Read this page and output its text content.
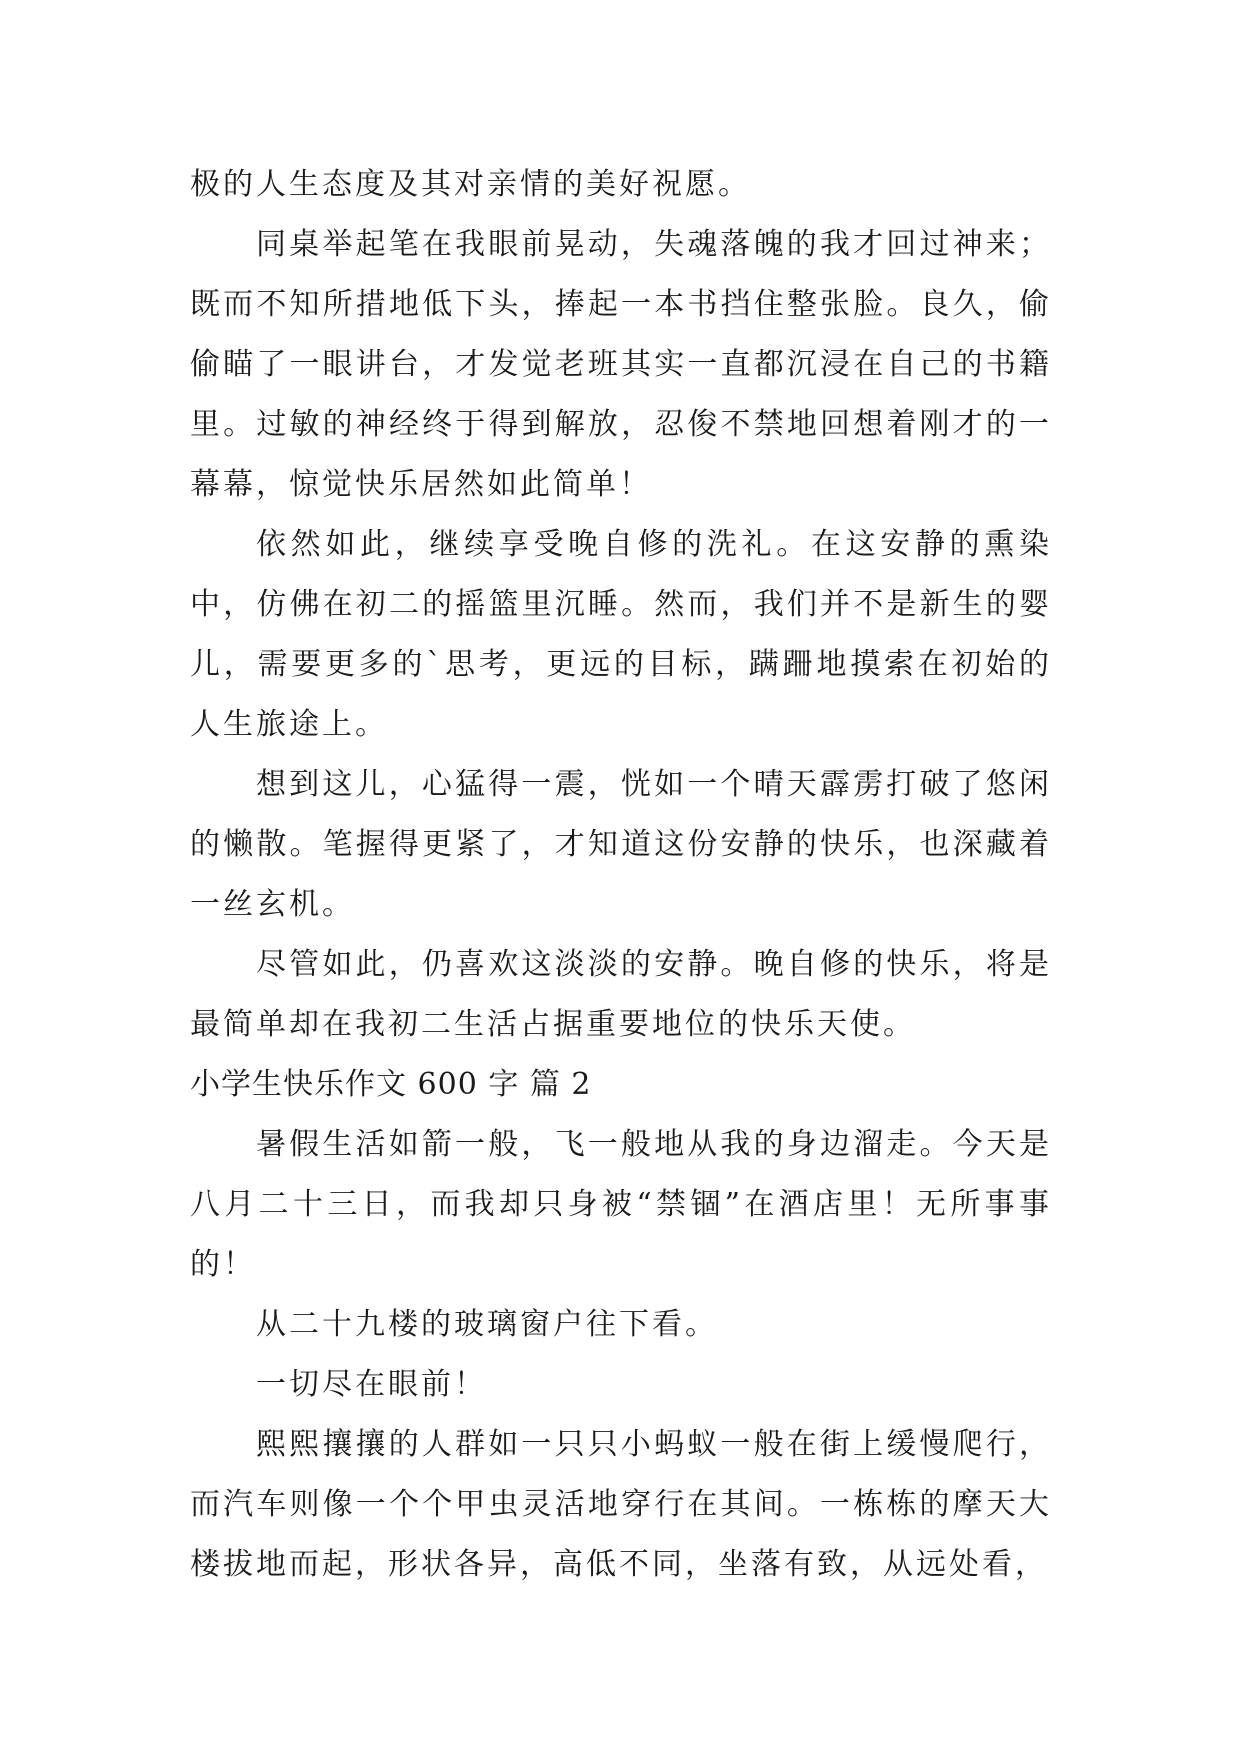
极的人生态度及其对亲情的美好祝愿。

同桌举起笔在我眼前晃动，失魂落魄的我才回过神来；既而不知所措地低下头，捧起一本书挡住整张脸。良久，偷偷瞄了一眼讲台，才发觉老班其实一直都沉浸在自己的书籍里。过敏的神经终于得到解放，忍俊不禁地回想着刚才的一幕幕，惊觉快乐居然如此简单！

依然如此，继续享受晚自修的洗礼。在这安静的熏染中，仿佛在初二的摇篮里沉睡。然而，我们并不是新生的婴儿，需要更多的`思考，更远的目标，蹒跚地摸索在初始的人生旅途上。

想到这儿，心猛得一震，恍如一个晴天霹雳打破了悠闲的懒散。笔握得更紧了，才知道这份安静的快乐，也深藏着一丝玄机。

尽管如此，仍喜欢这淡淡的安静。晚自修的快乐，将是最简单却在我初二生活占据重要地位的快乐天使。

小学生快乐作文 600 字 篇 2

暑假生活如箭一般，飞一般地从我的身边溜走。今天是八月二十三日，而我却只身被“禁锢”在酒店里！无所事事的！

从二十九楼的玻璃窗户往下看。

一切尽在眼前！

熙熙攘攘的人群如一只只小蚂蚁一般在街上缓慢爬行，而汽车则像一个个甲虫灵活地穿行在其间。一栋栋的摩天大楼拔地而起，形状各异，高低不同，坐落有致，从远处看，
